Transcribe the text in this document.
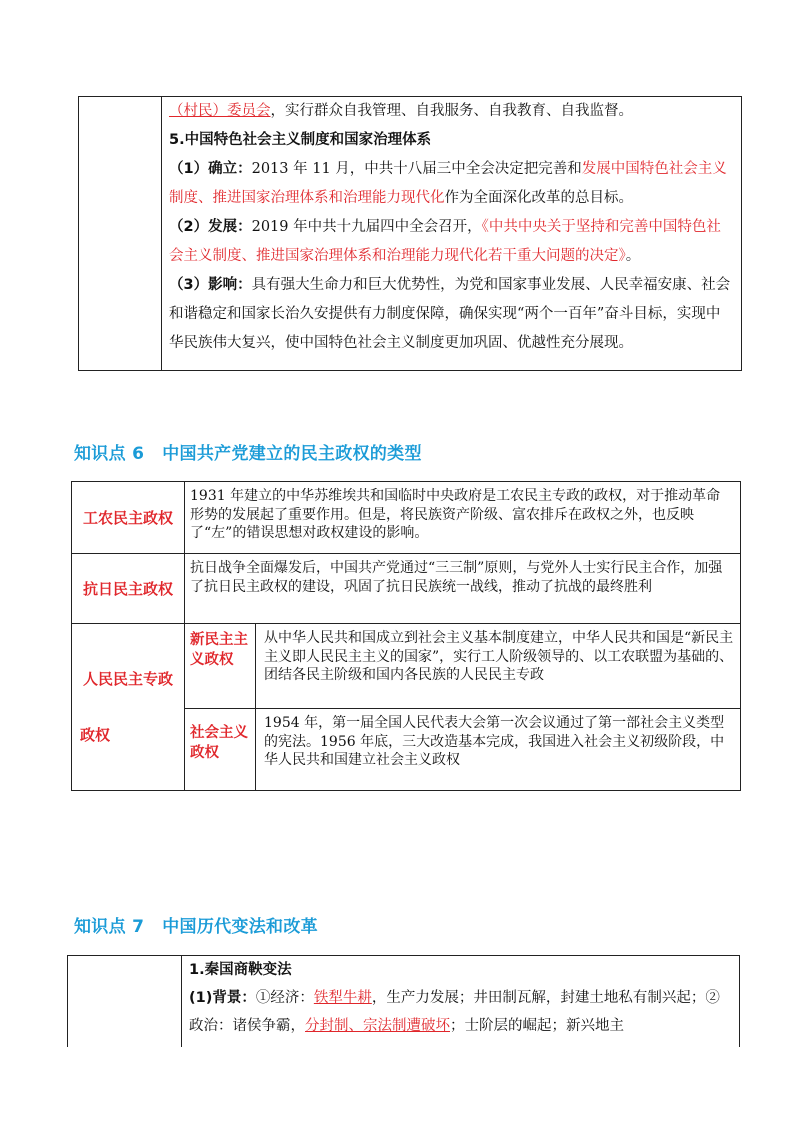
（村民）委员会，实行群众自我管理、自我服务、自我教育、自我监督。

5.中国特色社会主义制度和国家治理体系

（1）确立：2013 年 11 月，中共十八届三中全会决定把完善和发展中国特色社会主义制度、推进国家治理体系和治理能力现代化作为全面深化改革的总目标。

（2）发展：2019 年中共十九届四中全会召开，《中共中央关于坚持和完善中国特色社会主义制度、推进国家治理体系和治理能力现代化若干重大问题的决定》。

（3）影响：具有强大生命力和巨大优势性，为党和国家事业发展、人民幸福安康、社会和谐稳定和国家长治久安提供有力制度保障，确保实现“两个一百年”奋斗目标，实现中华民族伟大复兴，使中国特色社会主义制度更加巩固、优越性充分展现。

知识点 6 中国共产党建立的民主政权的类型
工农民主政权
1931 年建立的中华苏维埃共和国临时中央政府是工农民主专政的政权，对于推动革命形势的发展起了重要作用。但是，将民族资产阶级、富农排斥在政权之外，也反映了“左”的错误思想对政权建设的影响。
抗日民主政权
抗日战争全面爆发后，中国共产党通过“三三制”原则，与党外人士实行民主合作，加强了抗日民主政权的建设，巩固了抗日民族统一战线，推动了抗战的最终胜利
人民民主专政
政权
新民主主义政权
从中华人民共和国成立到社会主义基本制度建立，中华人民共和国是“新民主主义即人民民主主义的国家”，实行工人阶级领导的、以工农联盟为基础的、团结各民主阶级和国内各民族的人民民主专政
社会主义政权
1954 年，第一届全国人民代表大会第一次会议通过了第一部社会主义类型的宪法。1956 年底，三大改造基本完成，我国进入社会主义初级阶段，中华人民共和国建立社会主义政权
知识点 7 中国历代变法和改革

1.秦国商鞅变法

(1)背景：①经济：铁犁牛耕，生产力发展；井田制瓦解，封建土地私有制兴起；②政治：诸侯争霸，分封制、宗法制遭破坏；士阶层的崛起；新兴地主
